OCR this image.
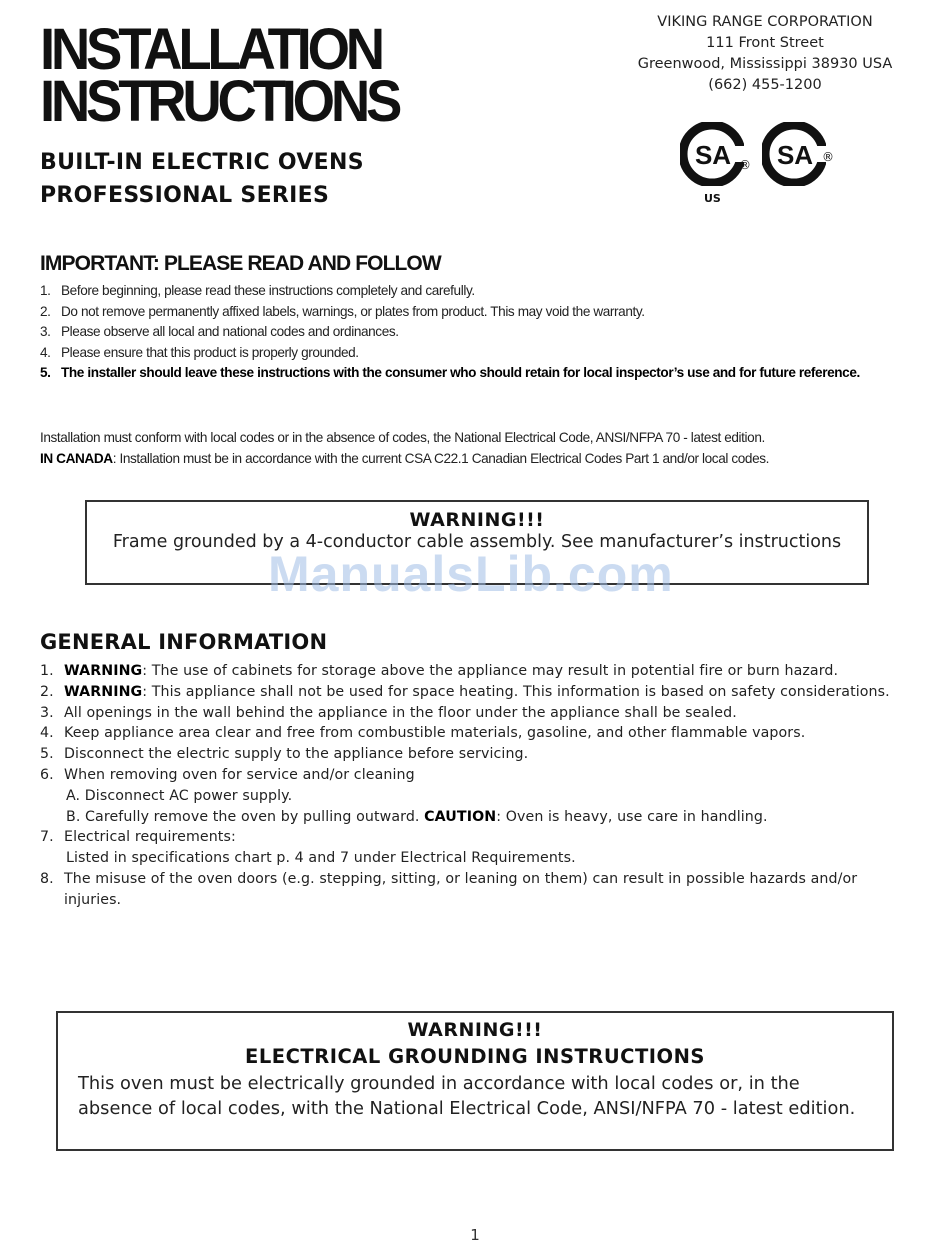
INSTALLATION
INSTRUCTIONS
BUILT-IN ELECTRIC OVENS
PROFESSIONAL SERIES
VIKING RANGE CORPORATION
111 Front Street
Greenwood, Mississippi 38930 USA
(662) 455-1200
SA ®
US
SA ®
IMPORTANT: PLEASE READ AND FOLLOW
1. Before beginning, please read these instructions completely and carefully.
2. Do not remove permanently affixed labels, warnings, or plates from product. This may void the warranty.
3. Please observe all local and national codes and ordinances.
4. Please ensure that this product is properly grounded.
5. The installer should leave these instructions with the consumer who should retain for local inspector’s use and for future reference.
Installation must conform with local codes or in the absence of codes, the National Electrical Code, ANSI/NFPA 70 - latest edition.
IN CANADA: Installation must be in accordance with the current CSA C22.1 Canadian Electrical Codes Part 1 and/or local codes.
WARNING!!!
Frame grounded by a 4-conductor cable assembly. See manufacturer’s instructions
ManualsLib.com
GENERAL INFORMATION
1. WARNING: The use of cabinets for storage above the appliance may result in potential fire or burn hazard.
2. WARNING: This appliance shall not be used for space heating. This information is based on safety considerations.
3. All openings in the wall behind the appliance in the floor under the appliance shall be sealed.
4. Keep appliance area clear and free from combustible materials, gasoline, and other flammable vapors.
5. Disconnect the electric supply to the appliance before servicing.
6. When removing oven for service and/or cleaning
A. Disconnect AC power supply.
B. Carefully remove the oven by pulling outward. CAUTION: Oven is heavy, use care in handling.
7. Electrical requirements:
Listed in specifications chart p. 4 and 7 under Electrical Requirements.
8. The misuse of the oven doors (e.g. stepping, sitting, or leaning on them) can result in possible hazards and/or injuries.
WARNING!!!
ELECTRICAL GROUNDING INSTRUCTIONS
This oven must be electrically grounded in accordance with local codes or, in the absence of local codes, with the National Electrical Code, ANSI/NFPA 70 - latest edition.
1
